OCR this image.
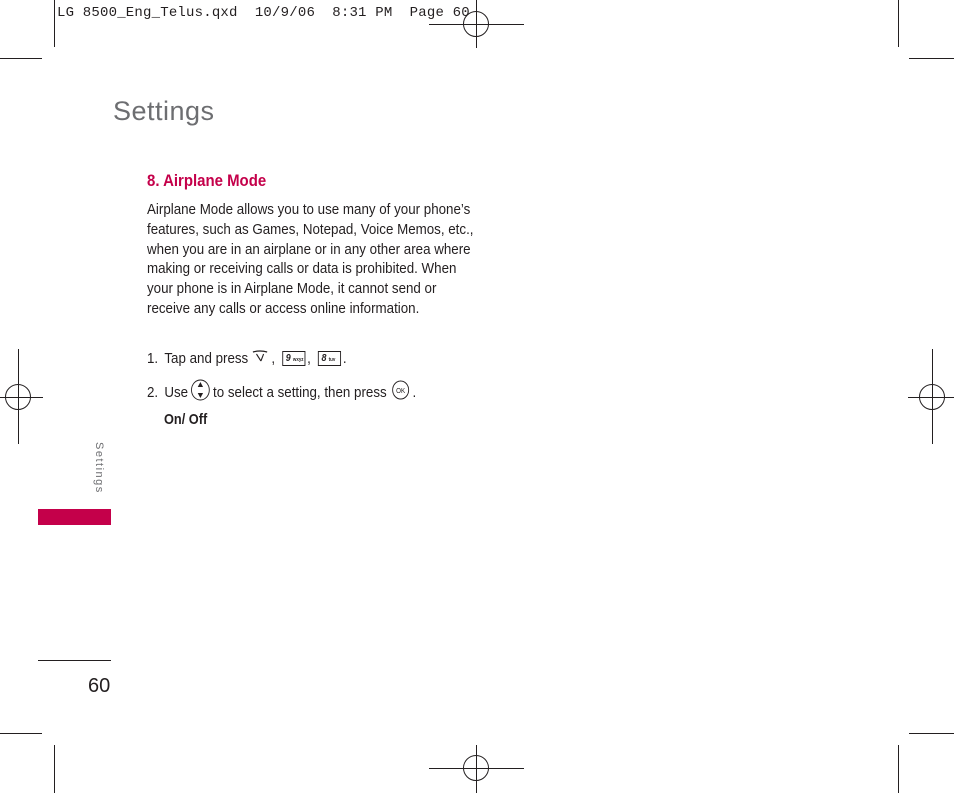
LG 8500_Eng_Telus.qxd  10/9/06  8:31 PM  Page 60
Settings
8. Airplane Mode

Airplane Mode allows you to use many of your phone’s features, such as Games, Notepad, Voice Memos, etc., when you are in an airplane or in any other area where making or receiving calls or data is prohibited. When your phone is in Airplane Mode, it cannot send or receive any calls or access online information.

1. Tap and press ,	9 wxyz ,	8 tuv .
2. Use to select a setting, then press OK .
On/ Off
Settings
60
